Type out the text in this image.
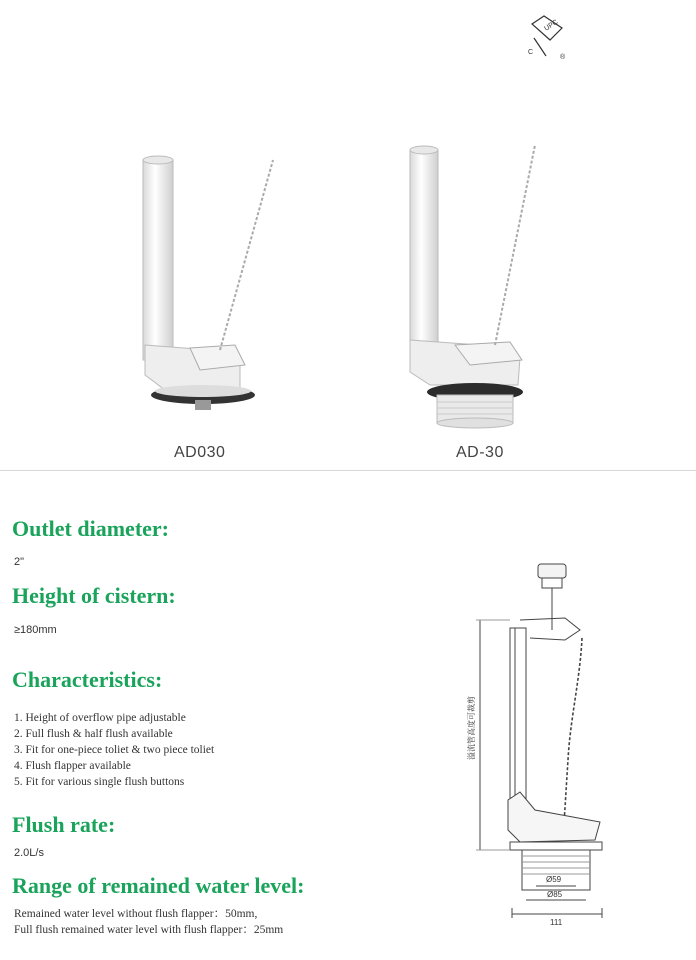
UPC
C
®
AD030	AD-30
Outlet diameter:
2"
Height of cistern:
≥180mm
Characteristics:
1. Height of overflow pipe adjustable
2. Full flush & half flush available
3. Fit for one-piece toliet & two piece toliet
4. Flush flapper available
5. Fit for various single flush buttons
Flush rate:
2.0L/s
Range of remained water level:
Remained water level without flush flapper：50mm,
Full flush remained water level with flush flapper：25mm
溢流管高度可裁剪
Ø59
Ø85
111
